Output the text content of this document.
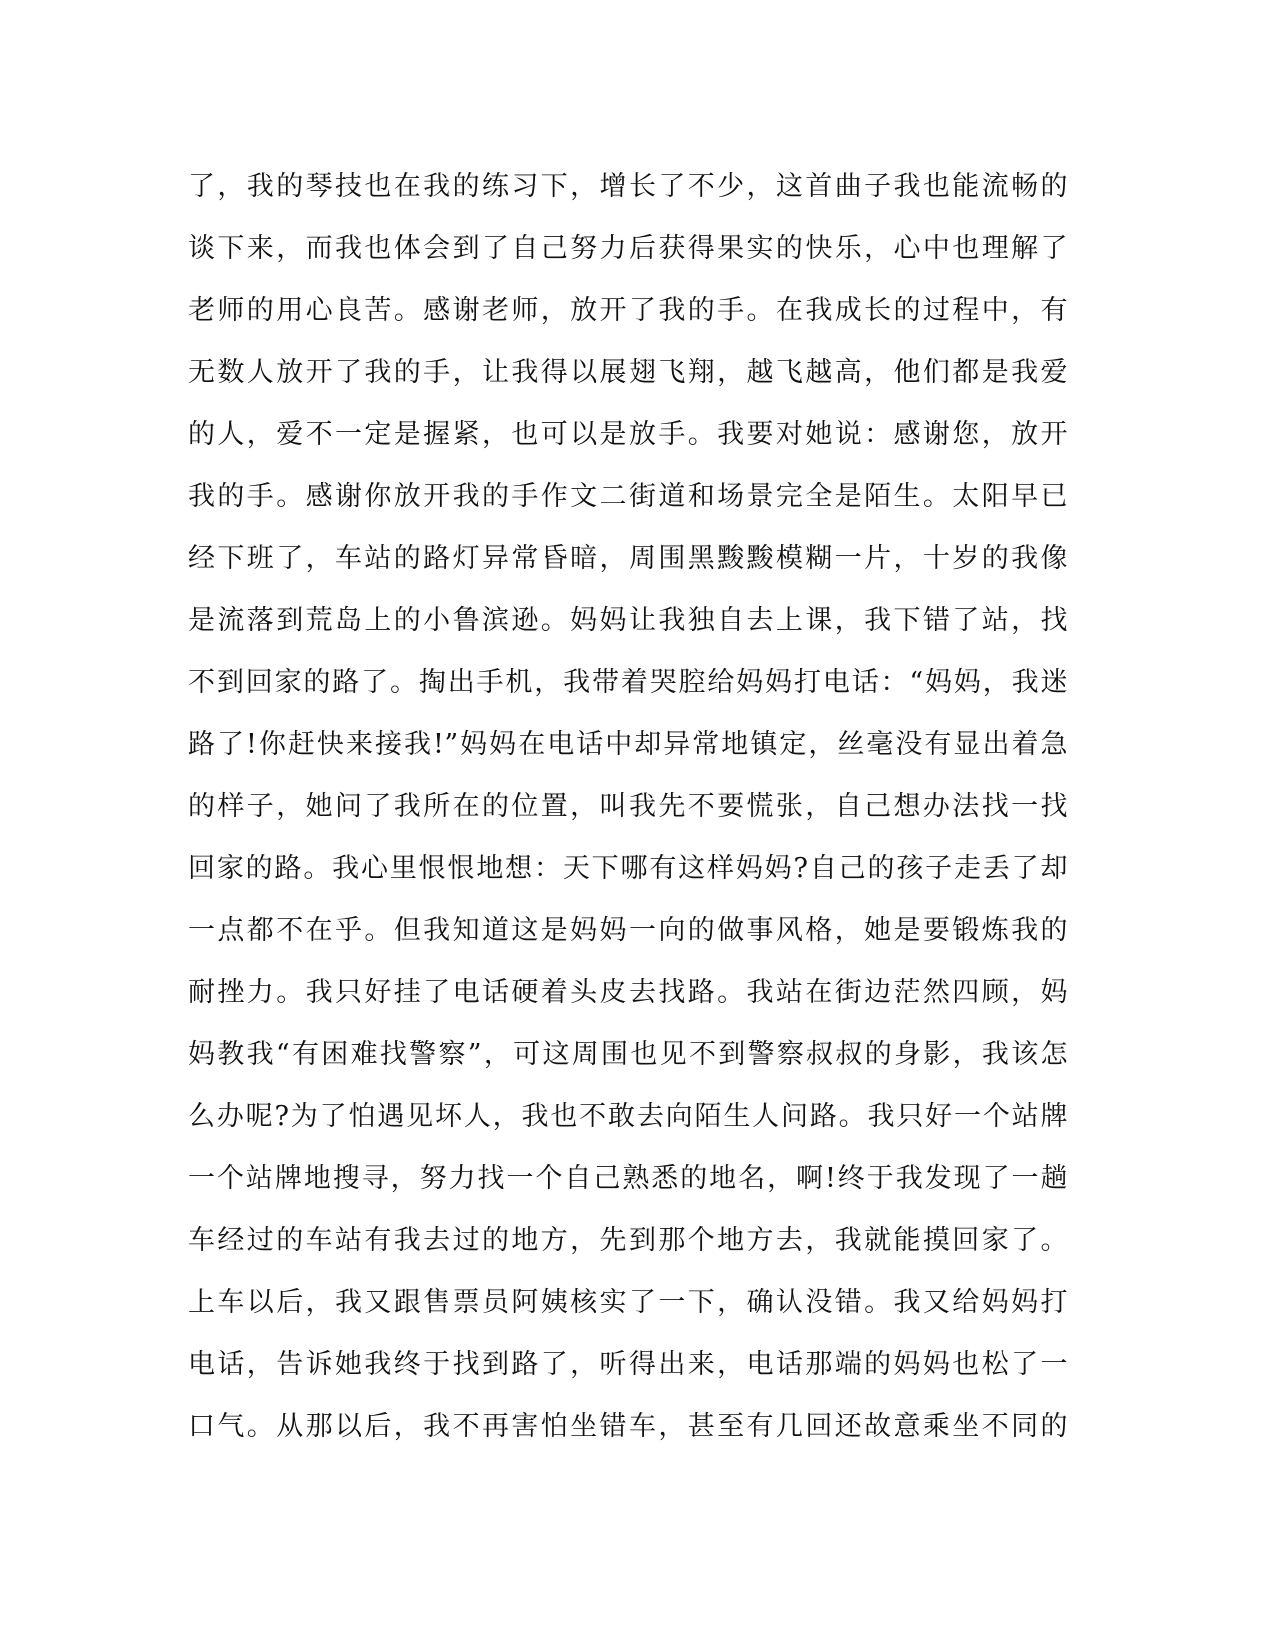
了，我的琴技也在我的练习下，增长了不少，这首曲子我也能流畅的
谈下来，而我也体会到了自己努力后获得果实的快乐，心中也理解了
老师的用心良苦。感谢老师，放开了我的手。在我成长的过程中，有
无数人放开了我的手，让我得以展翅飞翔，越飞越高，他们都是我爱
的人，爱不一定是握紧，也可以是放手。我要对她说：感谢您，放开
我的手。感谢你放开我的手作文二街道和场景完全是陌生。太阳早已
经下班了，车站的路灯异常昏暗，周围黑黢黢模糊一片，十岁的我像
是流落到荒岛上的小鲁滨逊。妈妈让我独自去上课，我下错了站，找
不到回家的路了。掏出手机，我带着哭腔给妈妈打电话：“妈妈，我迷
路了!你赶快来接我!”妈妈在电话中却异常地镇定，丝毫没有显出着急
的样子，她问了我所在的位置，叫我先不要慌张，自己想办法找一找
回家的路。我心里恨恨地想：天下哪有这样妈妈?自己的孩子走丢了却
一点都不在乎。但我知道这是妈妈一向的做事风格，她是要锻炼我的
耐挫力。我只好挂了电话硬着头皮去找路。我站在街边茫然四顾，妈
妈教我“有困难找警察”，可这周围也见不到警察叔叔的身影，我该怎
么办呢?为了怕遇见坏人，我也不敢去向陌生人问路。我只好一个站牌
一个站牌地搜寻，努力找一个自己熟悉的地名，啊!终于我发现了一趟
车经过的车站有我去过的地方，先到那个地方去，我就能摸回家了。
上车以后，我又跟售票员阿姨核实了一下，确认没错。我又给妈妈打
电话，告诉她我终于找到路了，听得出来，电话那端的妈妈也松了一
口气。从那以后，我不再害怕坐错车，甚至有几回还故意乘坐不同的
